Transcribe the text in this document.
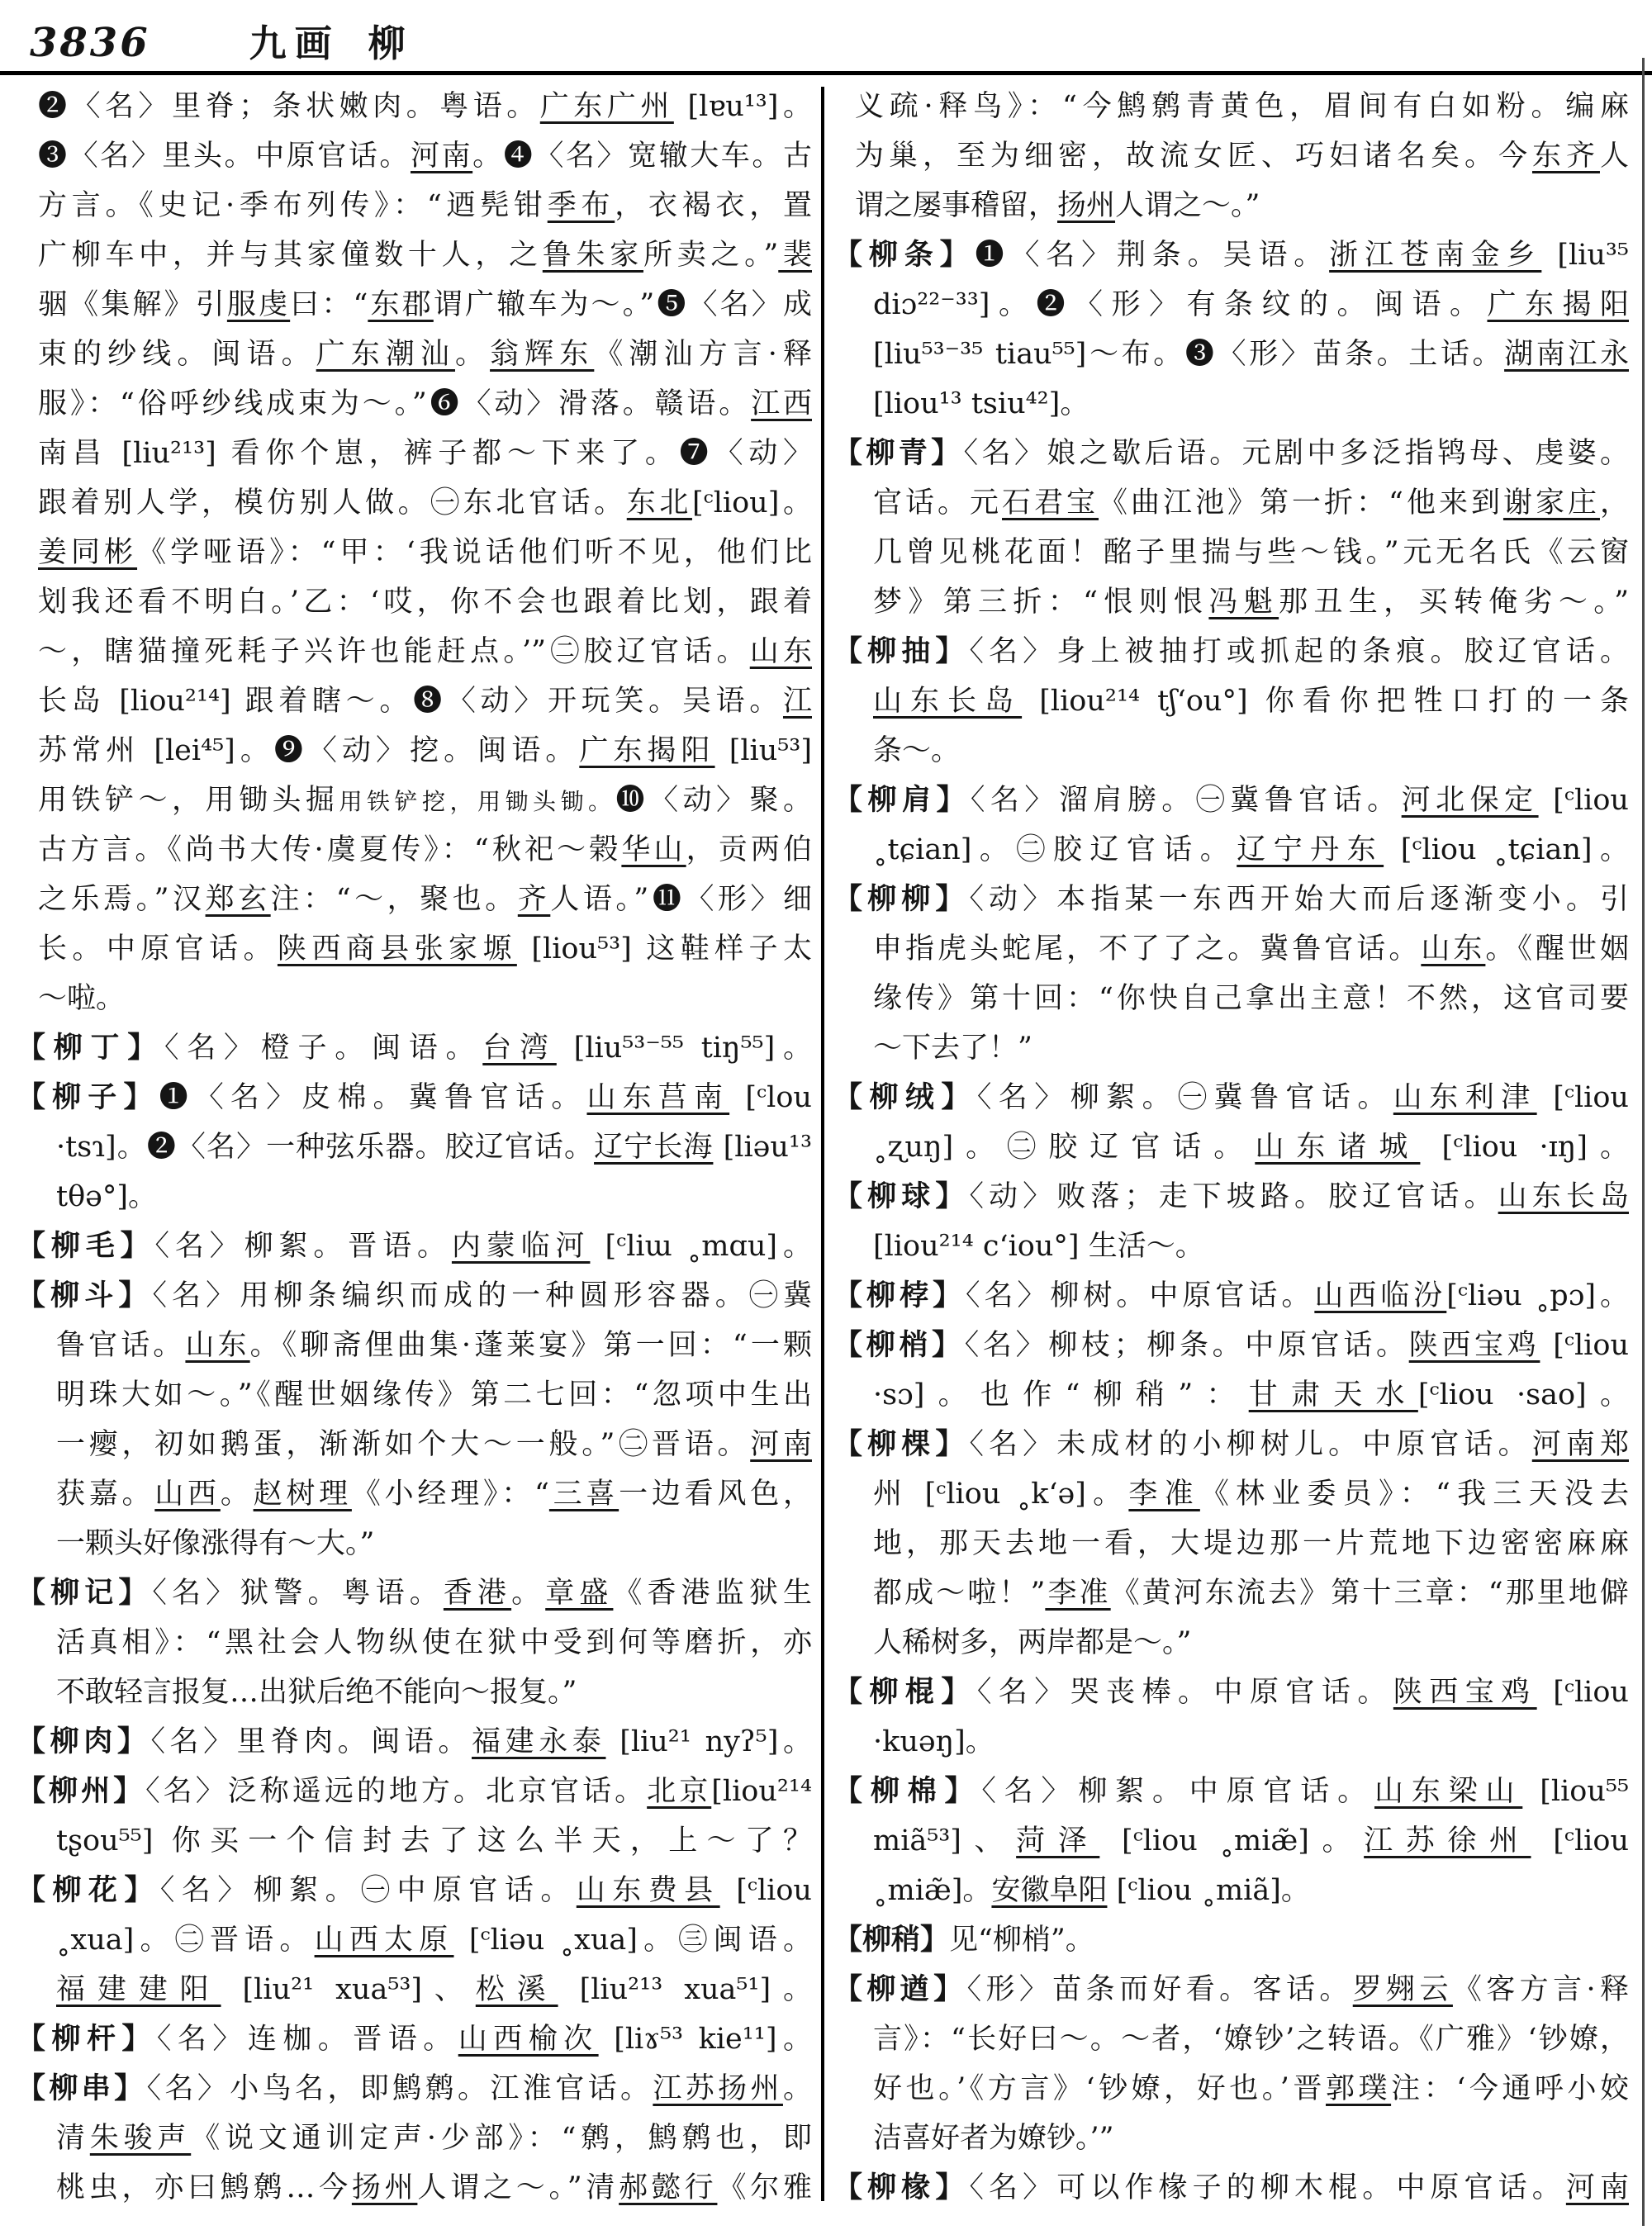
3836	九画 柳
❷〈名〉里脊；条状嫩肉。粤语。广东广州 [lɐu¹³]。
❸〈名〉里头。中原官话。河南。❹〈名〉宽辙大车。古
方言。《史记·季布列传》：“迺髡钳季布，衣褐衣，置
广柳车中，并与其家僮数十人，之鲁朱家所卖之。”裴
骃《集解》引服虔曰：“东郡谓广辙车为～。”❺〈名〉成
束的纱线。闽语。广东潮汕。翁辉东《潮汕方言·释
服》：“俗呼纱线成束为～。”❻〈动〉滑落。赣语。江西
南昌 [liu²¹³] 看你个崽，裤子都～下来了。❼〈动〉
跟着别人学，模仿别人做。㊀东北官话。东北[ᶜliou]。
姜同彬《学哑语》：“甲：‘我说话他们听不见，他们比
划我还看不明白。’乙：‘哎，你不会也跟着比划，跟着
～，瞎猫撞死耗子兴许也能赶点。’”㊁胶辽官话。山东
长岛 [liou²¹⁴] 跟着瞎～。❽〈动〉开玩笑。吴语。江
苏常州 [lei⁴⁵]。❾〈动〉挖。闽语。广东揭阳 [liu⁵³]
用铁铲～，用锄头掘用铁铲挖，用锄头锄。❿〈动〉聚。
古方言。《尚书大传·虞夏传》：“秋祀～榖华山，贡两伯
之乐焉。”汉郑玄注：“～，聚也。齐人语。”⓫〈形〉细
长。中原官话。陕西商县张家塬 [liou⁵³] 这鞋样子太
～啦。
【柳丁】〈名〉橙子。闽语。台湾 [liu⁵³⁻⁵⁵ tiŋ⁵⁵]。
【柳子】❶〈名〉皮棉。冀鲁官话。山东莒南 [ᶜlou
·tsɿ]。❷〈名〉一种弦乐器。胶辽官话。辽宁长海 [liəu¹³
tθə°]。
【柳毛】〈名〉柳絮。晋语。内蒙临河 [ᶜliɯ ˳mɑu]。
【柳斗】〈名〉用柳条编织而成的一种圆形容器。㊀冀
鲁官话。山东。《聊斋俚曲集·蓬莱宴》第一回：“一颗
明珠大如～。”《醒世姻缘传》第二七回：“忽项中生出
一瘿，初如鹅蛋，渐渐如个大～一般。”㊁晋语。河南
获嘉。山西。赵树理《小经理》：“三喜一边看风色，
一颗头好像涨得有～大。”
【柳记】〈名〉狱警。粤语。香港。章盛《香港监狱生
活真相》：“黑社会人物纵使在狱中受到何等磨折，亦
不敢轻言报复…出狱后绝不能向～报复。”
【柳肉】〈名〉里脊肉。闽语。福建永泰 [liu²¹ nyʔ⁵]。
【柳州】〈名〉泛称遥远的地方。北京官话。北京[liou²¹⁴
tʂou⁵⁵] 你买一个信封去了这么半天，上～了？
【柳花】〈名〉柳絮。㊀中原官话。山东费县 [ᶜliou
˳xua]。㊁晋语。山西太原 [ᶜliəu ˳xua]。㊂闽语。
福建建阳 [liu²¹ xua⁵³]、松溪 [liu²¹³ xua⁵¹]。
【柳杆】〈名〉连枷。晋语。山西榆次 [liɤ⁵³ kie¹¹]。
【柳串】〈名〉小鸟名，即鹪鹩。江淮官话。江苏扬州。
清朱骏声《说文通训定声·少部》：“鹩，鹪鹩也，即
桃虫，亦曰鹪鹩…今扬州人谓之～。”清郝懿行《尔雅
义疏·释鸟》：“今鹪鹩青黄色，眉间有白如粉。编麻
为巢，至为细密，故流女匠、巧妇诸名矣。今东齐人
谓之屡事稽留，扬州人谓之～。”
【柳条】❶〈名〉荆条。吴语。浙江苍南金乡 [liu³⁵
diɔ²²⁻³³]。❷〈形〉有条纹的。闽语。广东揭阳
[liu⁵³⁻³⁵ tiau⁵⁵]～布。❸〈形〉苗条。土话。湖南江永
[liou¹³ tsiu⁴²]。
【柳青】〈名〉娘之歇后语。元剧中多泛指鸨母、虔婆。
官话。元石君宝《曲江池》第一折：“他来到谢家庄，
几曾见桃花面！酩子里揣与些～钱。”元无名氏《云窗
梦》第三折：“恨则恨冯魁那丑生，买转俺劣～。”
【柳抽】〈名〉身上被抽打或抓起的条痕。胶辽官话。
山东长岛 [liou²¹⁴ tʃʻou°] 你看你把牲口打的一条
条～。
【柳肩】〈名〉溜肩膀。㊀冀鲁官话。河北保定 [ᶜliou
˳tɕian]。㊁胶辽官话。辽宁丹东 [ᶜliou ˳tɕian]。
【柳柳】〈动〉本指某一东西开始大而后逐渐变小。引
申指虎头蛇尾，不了了之。冀鲁官话。山东。《醒世姻
缘传》第十回：“你快自己拿出主意！不然，这官司要
～下去了！”
【柳绒】〈名〉柳絮。㊀冀鲁官话。山东利津 [ᶜliou
˳ʐuŋ]。㊁胶辽官话。山东诸城 [ᶜliou ·ɪŋ]。
【柳球】〈动〉败落；走下坡路。胶辽官话。山东长岛
[liou²¹⁴ cʻiou°] 生活～。
【柳桲】〈名〉柳树。中原官话。山西临汾[ᶜliəu ˳pɔ]。
【柳梢】〈名〉柳枝；柳条。中原官话。陕西宝鸡 [ᶜliou
·sɔ]。也作“柳稍”：甘肃天水[ᶜliou ·sao]。
【柳棵】〈名〉未成材的小柳树儿。中原官话。河南郑
州 [ᶜliou ˳kʻə]。李准《林业委员》：“我三天没去
地，那天去地一看，大堤边那一片荒地下边密密麻麻
都成～啦！”李准《黄河东流去》第十三章：“那里地僻
人稀树多，两岸都是～。”
【柳棍】〈名〉哭丧棒。中原官话。陕西宝鸡 [ᶜliou
·kuəŋ]。
【柳棉】〈名〉柳絮。中原官话。山东梁山 [liou⁵⁵
miã⁵³]、菏泽 [ᶜliou ˳miæ̃]。江苏徐州 [ᶜliou
˳miæ̃]。安徽阜阳 [ᶜliou ˳miã]。
【柳稍】见“柳梢”。
【柳遒】〈形〉苗条而好看。客话。罗翙云《客方言·释
言》：“长好曰～。～者，‘嫽钞’之转语。《广雅》‘钞嫽，
好也。’《方言》‘钞嫽，好也。’晋郭璞注：‘今通呼小姣
洁喜好者为嫽钞。’”
【柳椽】〈名〉可以作椽子的柳木棍。中原官话。河南
